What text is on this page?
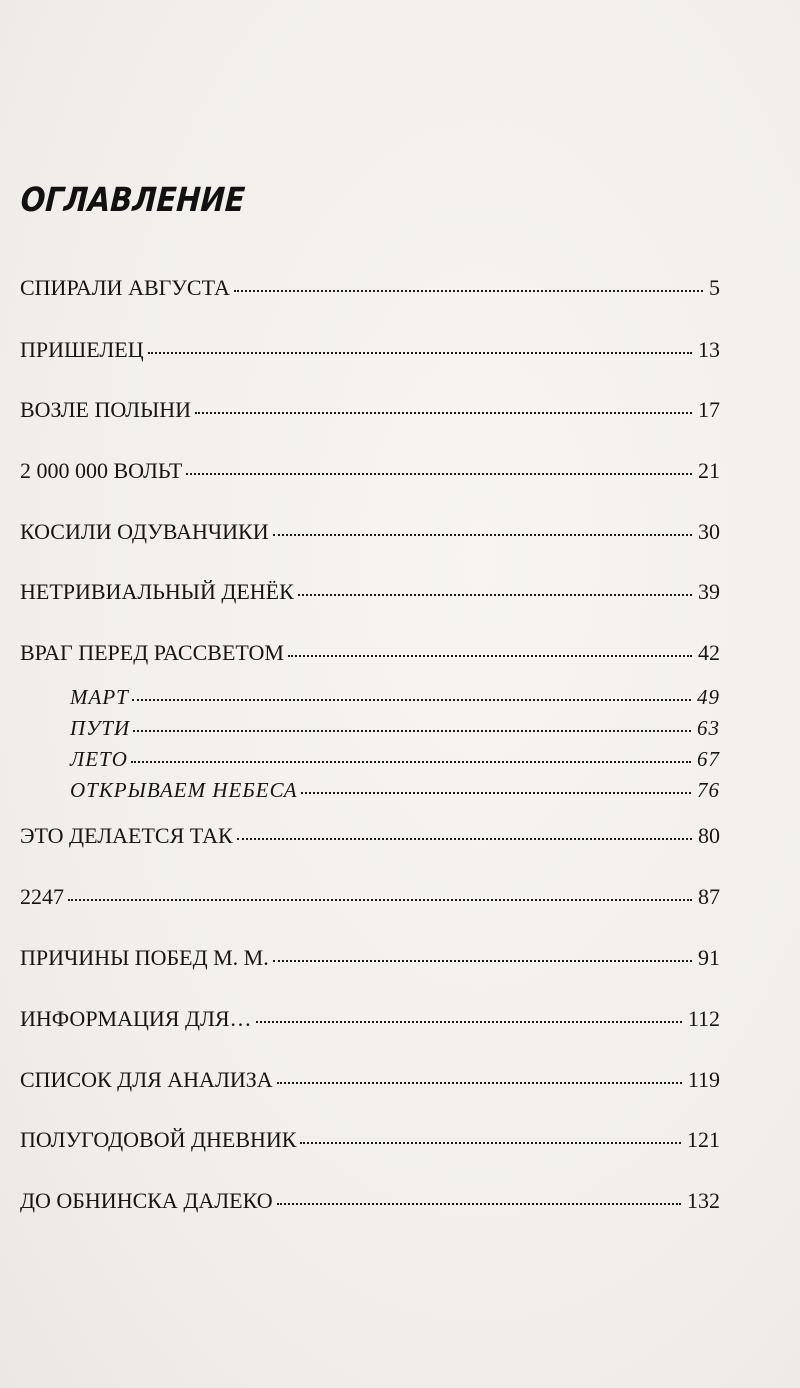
ОГЛАВЛЕНИЕ
СПИРАЛИ АВГУСТА	5
ПРИШЕЛЕЦ	13
ВОЗЛЕ ПОЛЫНИ	17
2 000 000 ВОЛЬТ	21
КОСИЛИ ОДУВАНЧИКИ	30
НЕТРИВИАЛЬНЫЙ ДЕНЁК	39
ВРАГ ПЕРЕД РАССВЕТОМ	42
МАРТ	49
ПУТИ	63
ЛЕТО	67
ОТКРЫВАЕМ НЕБЕСА	76
ЭТО ДЕЛАЕТСЯ ТАК	80
2247	87
ПРИЧИНЫ ПОБЕД М. М.	91
ИНФОРМАЦИЯ ДЛЯ…	112
СПИСОК ДЛЯ АНАЛИЗА	119
ПОЛУГОДОВОЙ ДНЕВНИК	121
ДО ОБНИНСКА ДАЛЕКО	132
